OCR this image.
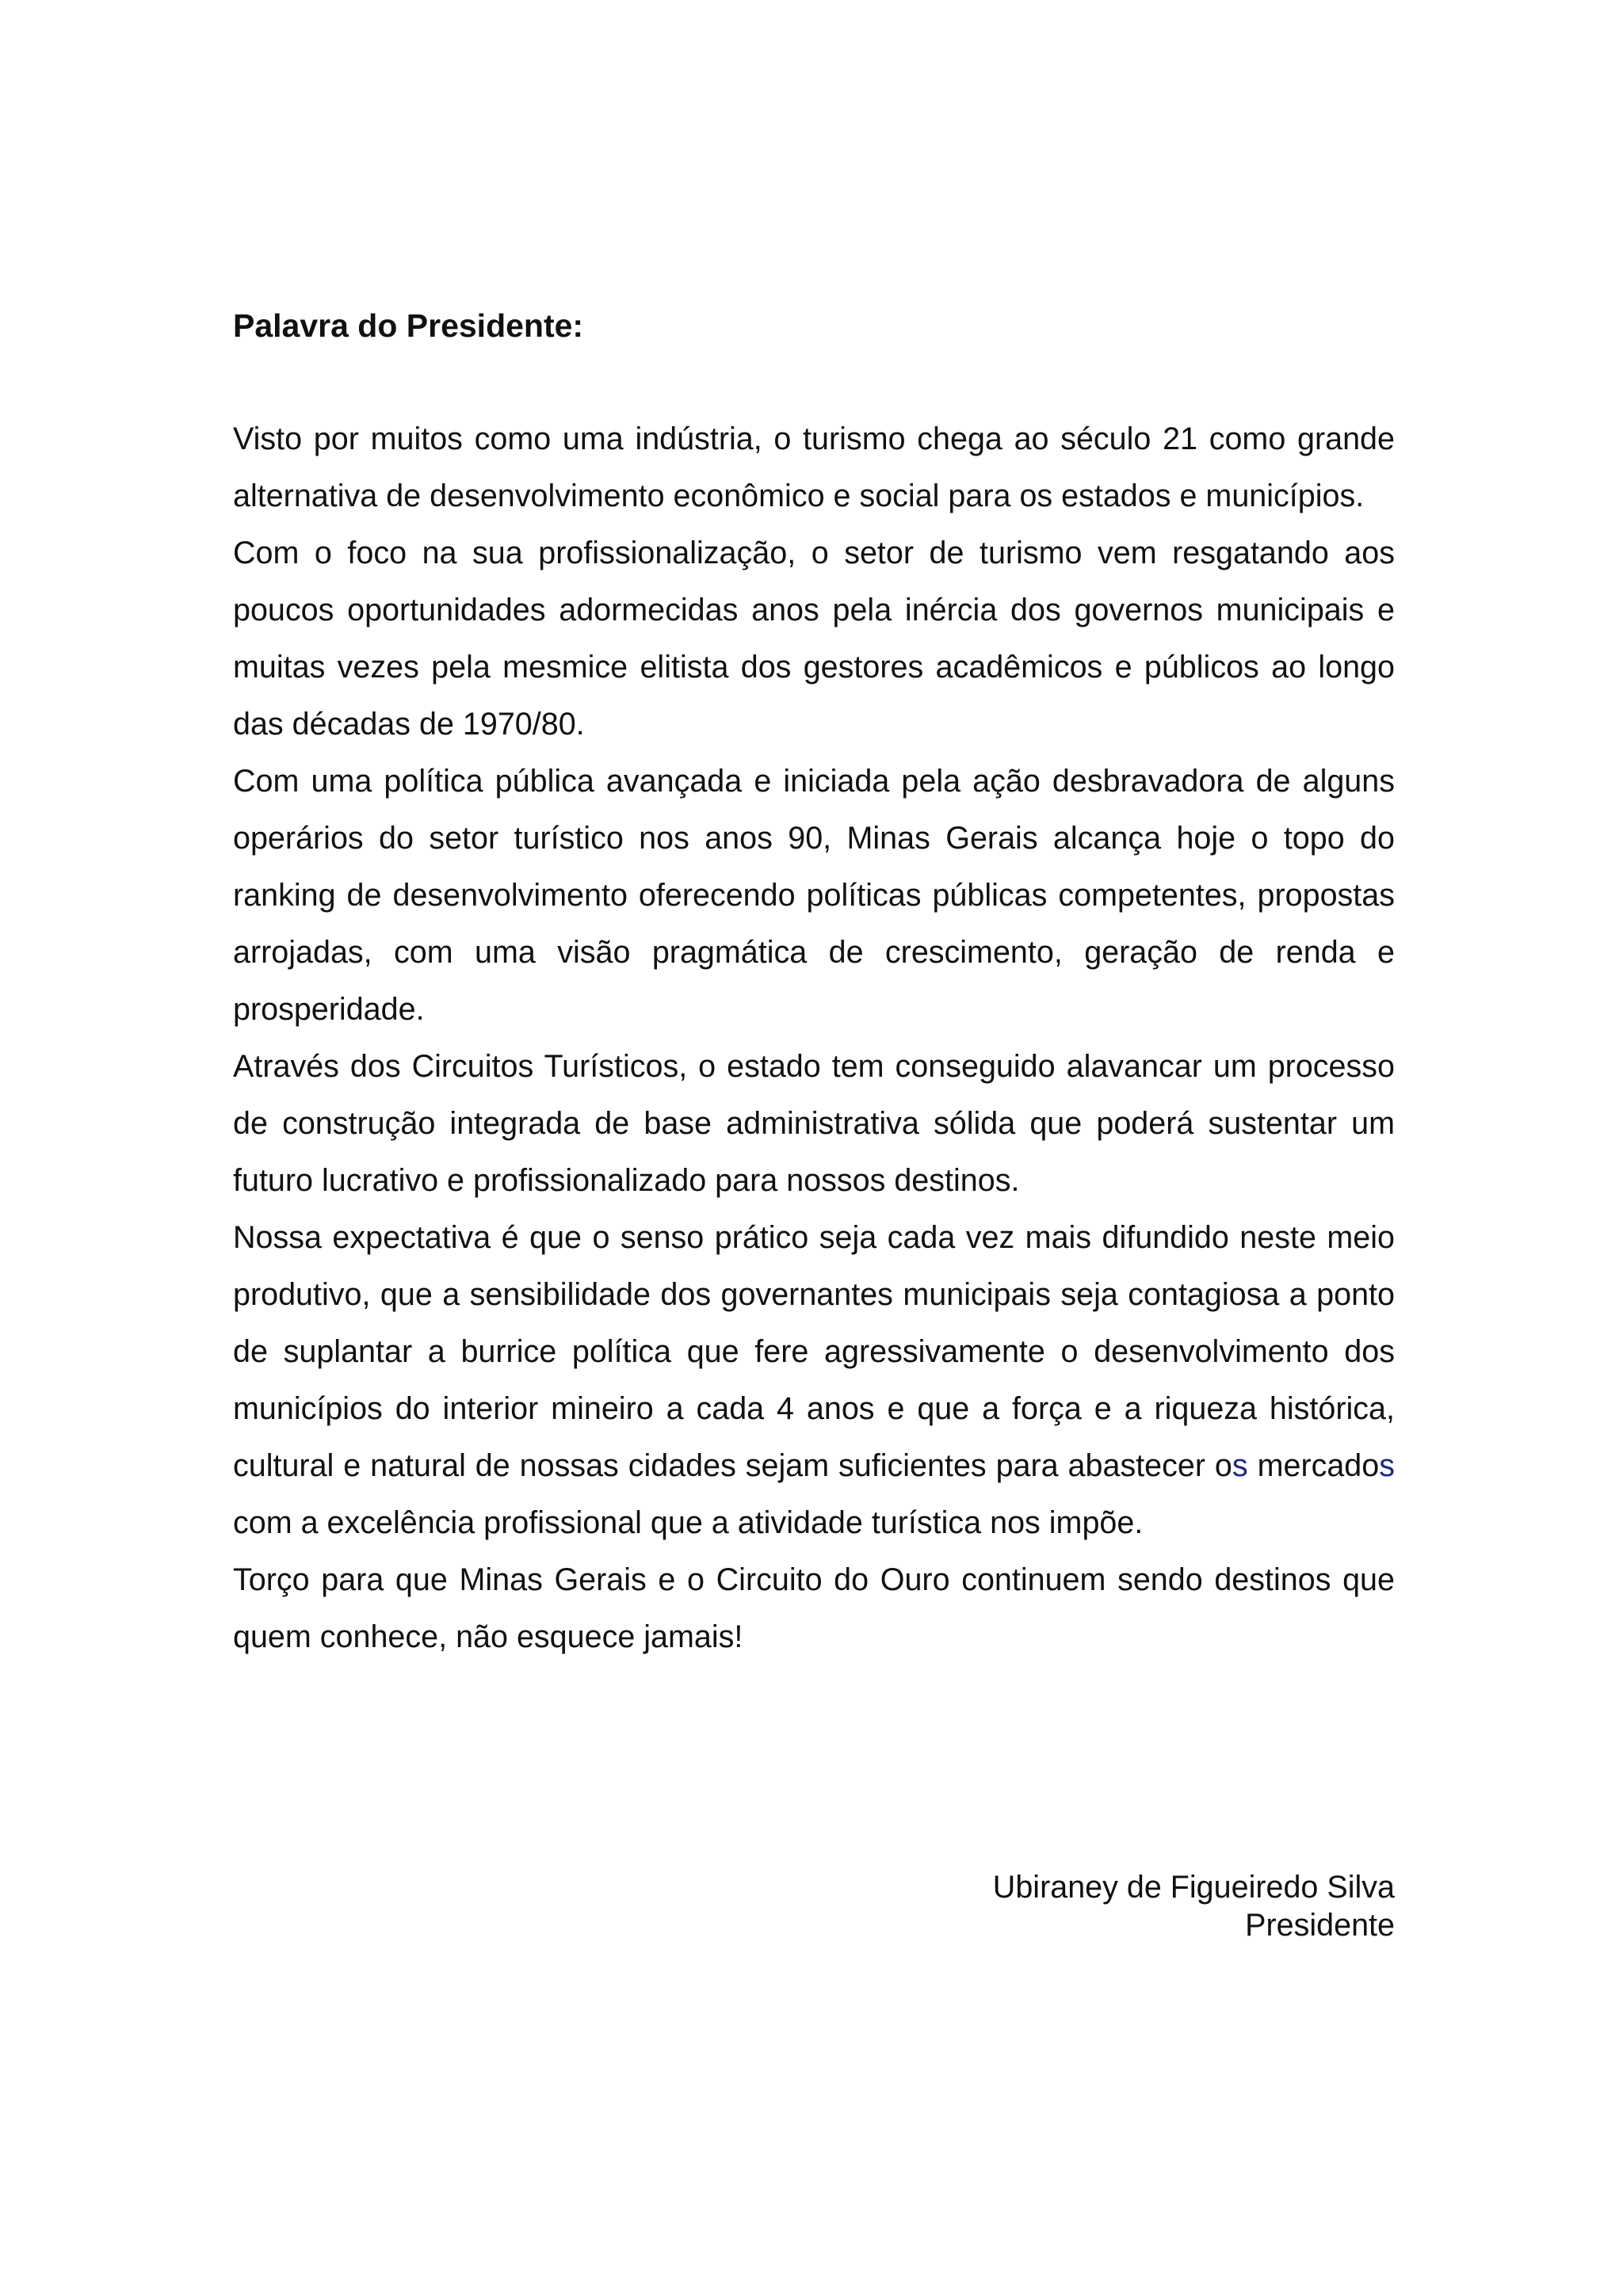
Palavra do Presidente:

Visto por muitos como uma indústria, o turismo chega ao século 21 como grande alternativa de desenvolvimento econômico e social para os estados e municípios.

Com o foco na sua profissionalização, o setor de turismo vem resgatando aos poucos oportunidades adormecidas anos pela inércia dos governos municipais e muitas vezes pela mesmice elitista dos gestores acadêmicos e públicos ao longo das décadas de 1970/80.

Com uma política pública avançada e iniciada pela ação desbravadora de alguns operários do setor turístico nos anos 90, Minas Gerais alcança hoje o topo do ranking de desenvolvimento oferecendo políticas públicas competentes, propostas arrojadas, com uma visão pragmática de crescimento, geração de renda e prosperidade.

Através dos Circuitos Turísticos, o estado tem conseguido alavancar um processo de construção integrada de base administrativa sólida que poderá sustentar um futuro lucrativo e profissionalizado para nossos destinos.

Nossa expectativa é que o senso prático seja cada vez mais difundido neste meio produtivo, que a sensibilidade dos governantes municipais seja contagiosa a ponto de suplantar a burrice política que fere agressivamente o desenvolvimento dos municípios do interior mineiro a cada 4 anos e que a força e a riqueza histórica, cultural e natural de nossas cidades sejam suficientes para abastecer os mercados com a excelência profissional que a atividade turística nos impõe.

Torço para que Minas Gerais e o Circuito do Ouro continuem sendo destinos que quem conhece, não esquece jamais!

Ubiraney de Figueiredo Silva
Presidente
